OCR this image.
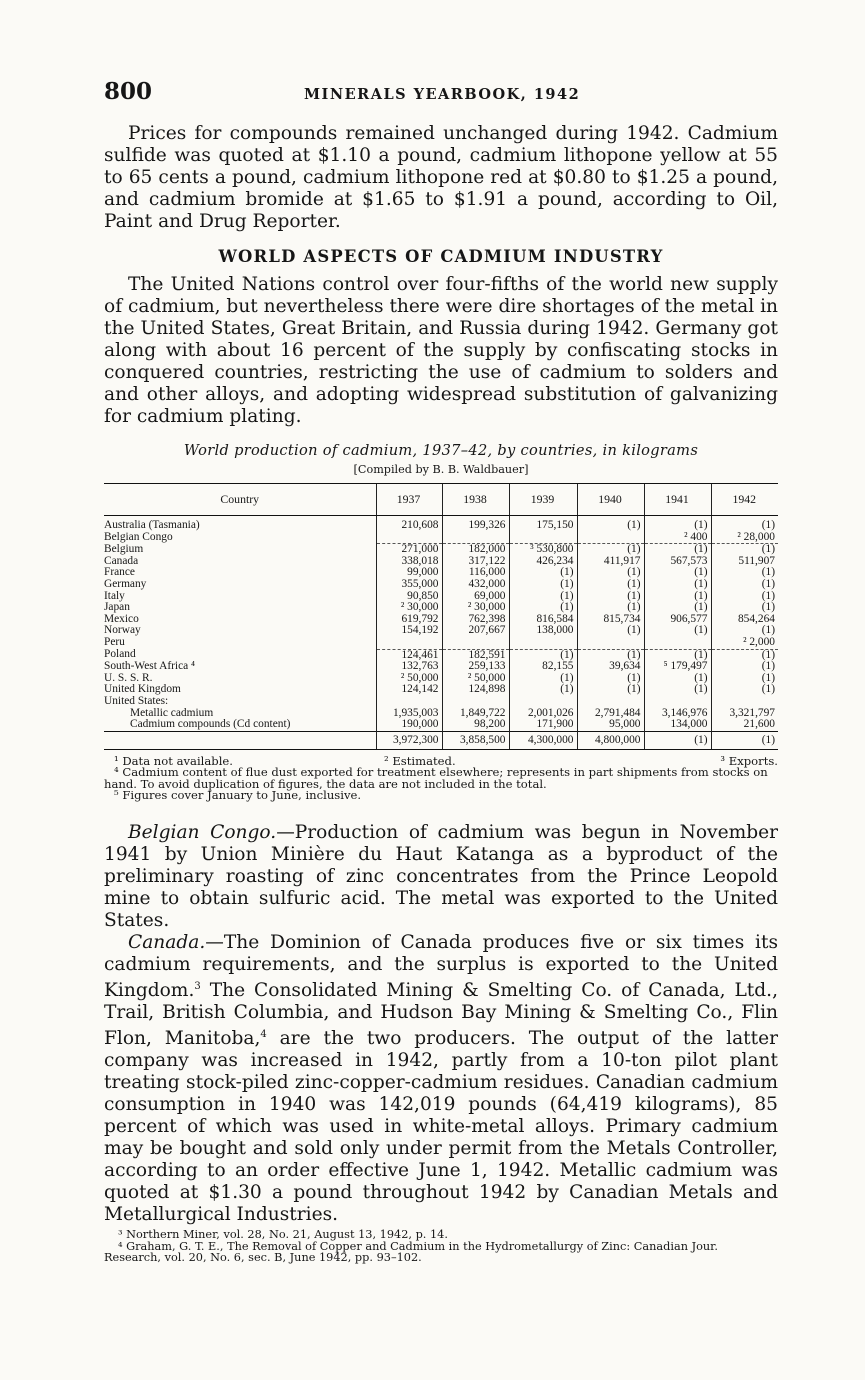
800	MINERALS YEARBOOK, 1942

Prices for compounds remained unchanged during 1942. Cadmium sulfide was quoted at $1.10 a pound, cadmium lithopone yellow at 55 to 65 cents a pound, cadmium lithopone red at $0.80 to $1.25 a pound, and cadmium bromide at $1.65 to $1.91 a pound, according to Oil, Paint and Drug Reporter.

WORLD ASPECTS OF CADMIUM INDUSTRY

The United Nations control over four-fifths of the world new supply of cadmium, but nevertheless there were dire shortages of the metal in the United States, Great Britain, and Russia during 1942. Germany got along with about 16 percent of the supply by confiscating stocks in conquered countries, restricting the use of cadmium to solders and and other alloys, and adopting widespread substitution of galvanizing for cadmium plating.

World production of cadmium, 1937–42, by countries, in kilograms
[Compiled by B. B. Waldbauer]
Country	1937	1938	1939	1940	1941	1942
Australia (Tasmania)	210,608	199,326	175,150	(1)	(1)	(1)
Belgian Congo					² 400	² 28,000
Belgium	271,000	182,000	³ 530,800	(1)	(1)	(1)
Canada	338,018	317,122	426,234	411,917	567,573	511,907
France	99,000	116,000	(1)	(1)	(1)	(1)
Germany	355,000	432,000	(1)	(1)	(1)	(1)
Italy	90,850	69,000	(1)	(1)	(1)	(1)
Japan	² 30,000	² 30,000	(1)	(1)	(1)	(1)
Mexico	619,792	762,398	816,584	815,734	906,577	854,264
Norway	154,192	207,667	138,000	(1)	(1)	(1)
Peru						² 2,000
Poland	124,461	182,591	(1)	(1)	(1)	(1)
South-West Africa ⁴	132,763	259,133	82,155	39,634	⁵ 179,497	(1)
U. S. S. R.	² 50,000	² 50,000	(1)	(1)	(1)	(1)
United Kingdom	124,142	124,898	(1)	(1)	(1)	(1)
United States:						
Metallic cadmium	1,935,003	1,849,722	2,001,026	2,791,484	3,146,976	3,321,797
Cadmium compounds (Cd content)	190,000	98,200	171,900	95,000	134,000	21,600
	3,972,300	3,858,500	4,300,000	4,800,000	(1)	(1)
¹ Data not available.	² Estimated.	³ Exports.
⁴ Cadmium content of flue dust exported for treatment elsewhere; represents in part shipments from stocks on hand. To avoid duplication of figures, the data are not included in the total.
⁵ Figures cover January to June, inclusive.

Belgian Congo.—Production of cadmium was begun in November 1941 by Union Minière du Haut Katanga as a byproduct of the preliminary roasting of zinc concentrates from the Prince Leopold mine to obtain sulfuric acid. The metal was exported to the United States.

Canada.—The Dominion of Canada produces five or six times its cadmium requirements, and the surplus is exported to the United Kingdom.$^3$ The Consolidated Mining & Smelting Co. of Canada, Ltd., Trail, British Columbia, and Hudson Bay Mining & Smelting Co., Flin Flon, Manitoba,$^4$ are the two producers. The output of the latter company was increased in 1942, partly from a 10-ton pilot plant treating stock-piled zinc-copper-cadmium residues. Canadian cadmium consumption in 1940 was 142,019 pounds (64,419 kilograms), 85 percent of which was used in white-metal alloys. Primary cadmium may be bought and sold only under permit from the Metals Controller, according to an order effective June 1, 1942. Metallic cadmium was quoted at $1.30 a pound throughout 1942 by Canadian Metals and Metallurgical Industries.

³ Northern Miner, vol. 28, No. 21, August 13, 1942, p. 14.
⁴ Graham, G. T. E., The Removal of Copper and Cadmium in the Hydrometallurgy of Zinc: Canadian Jour. Research, vol. 20, No. 6, sec. B, June 1942, pp. 93–102.
